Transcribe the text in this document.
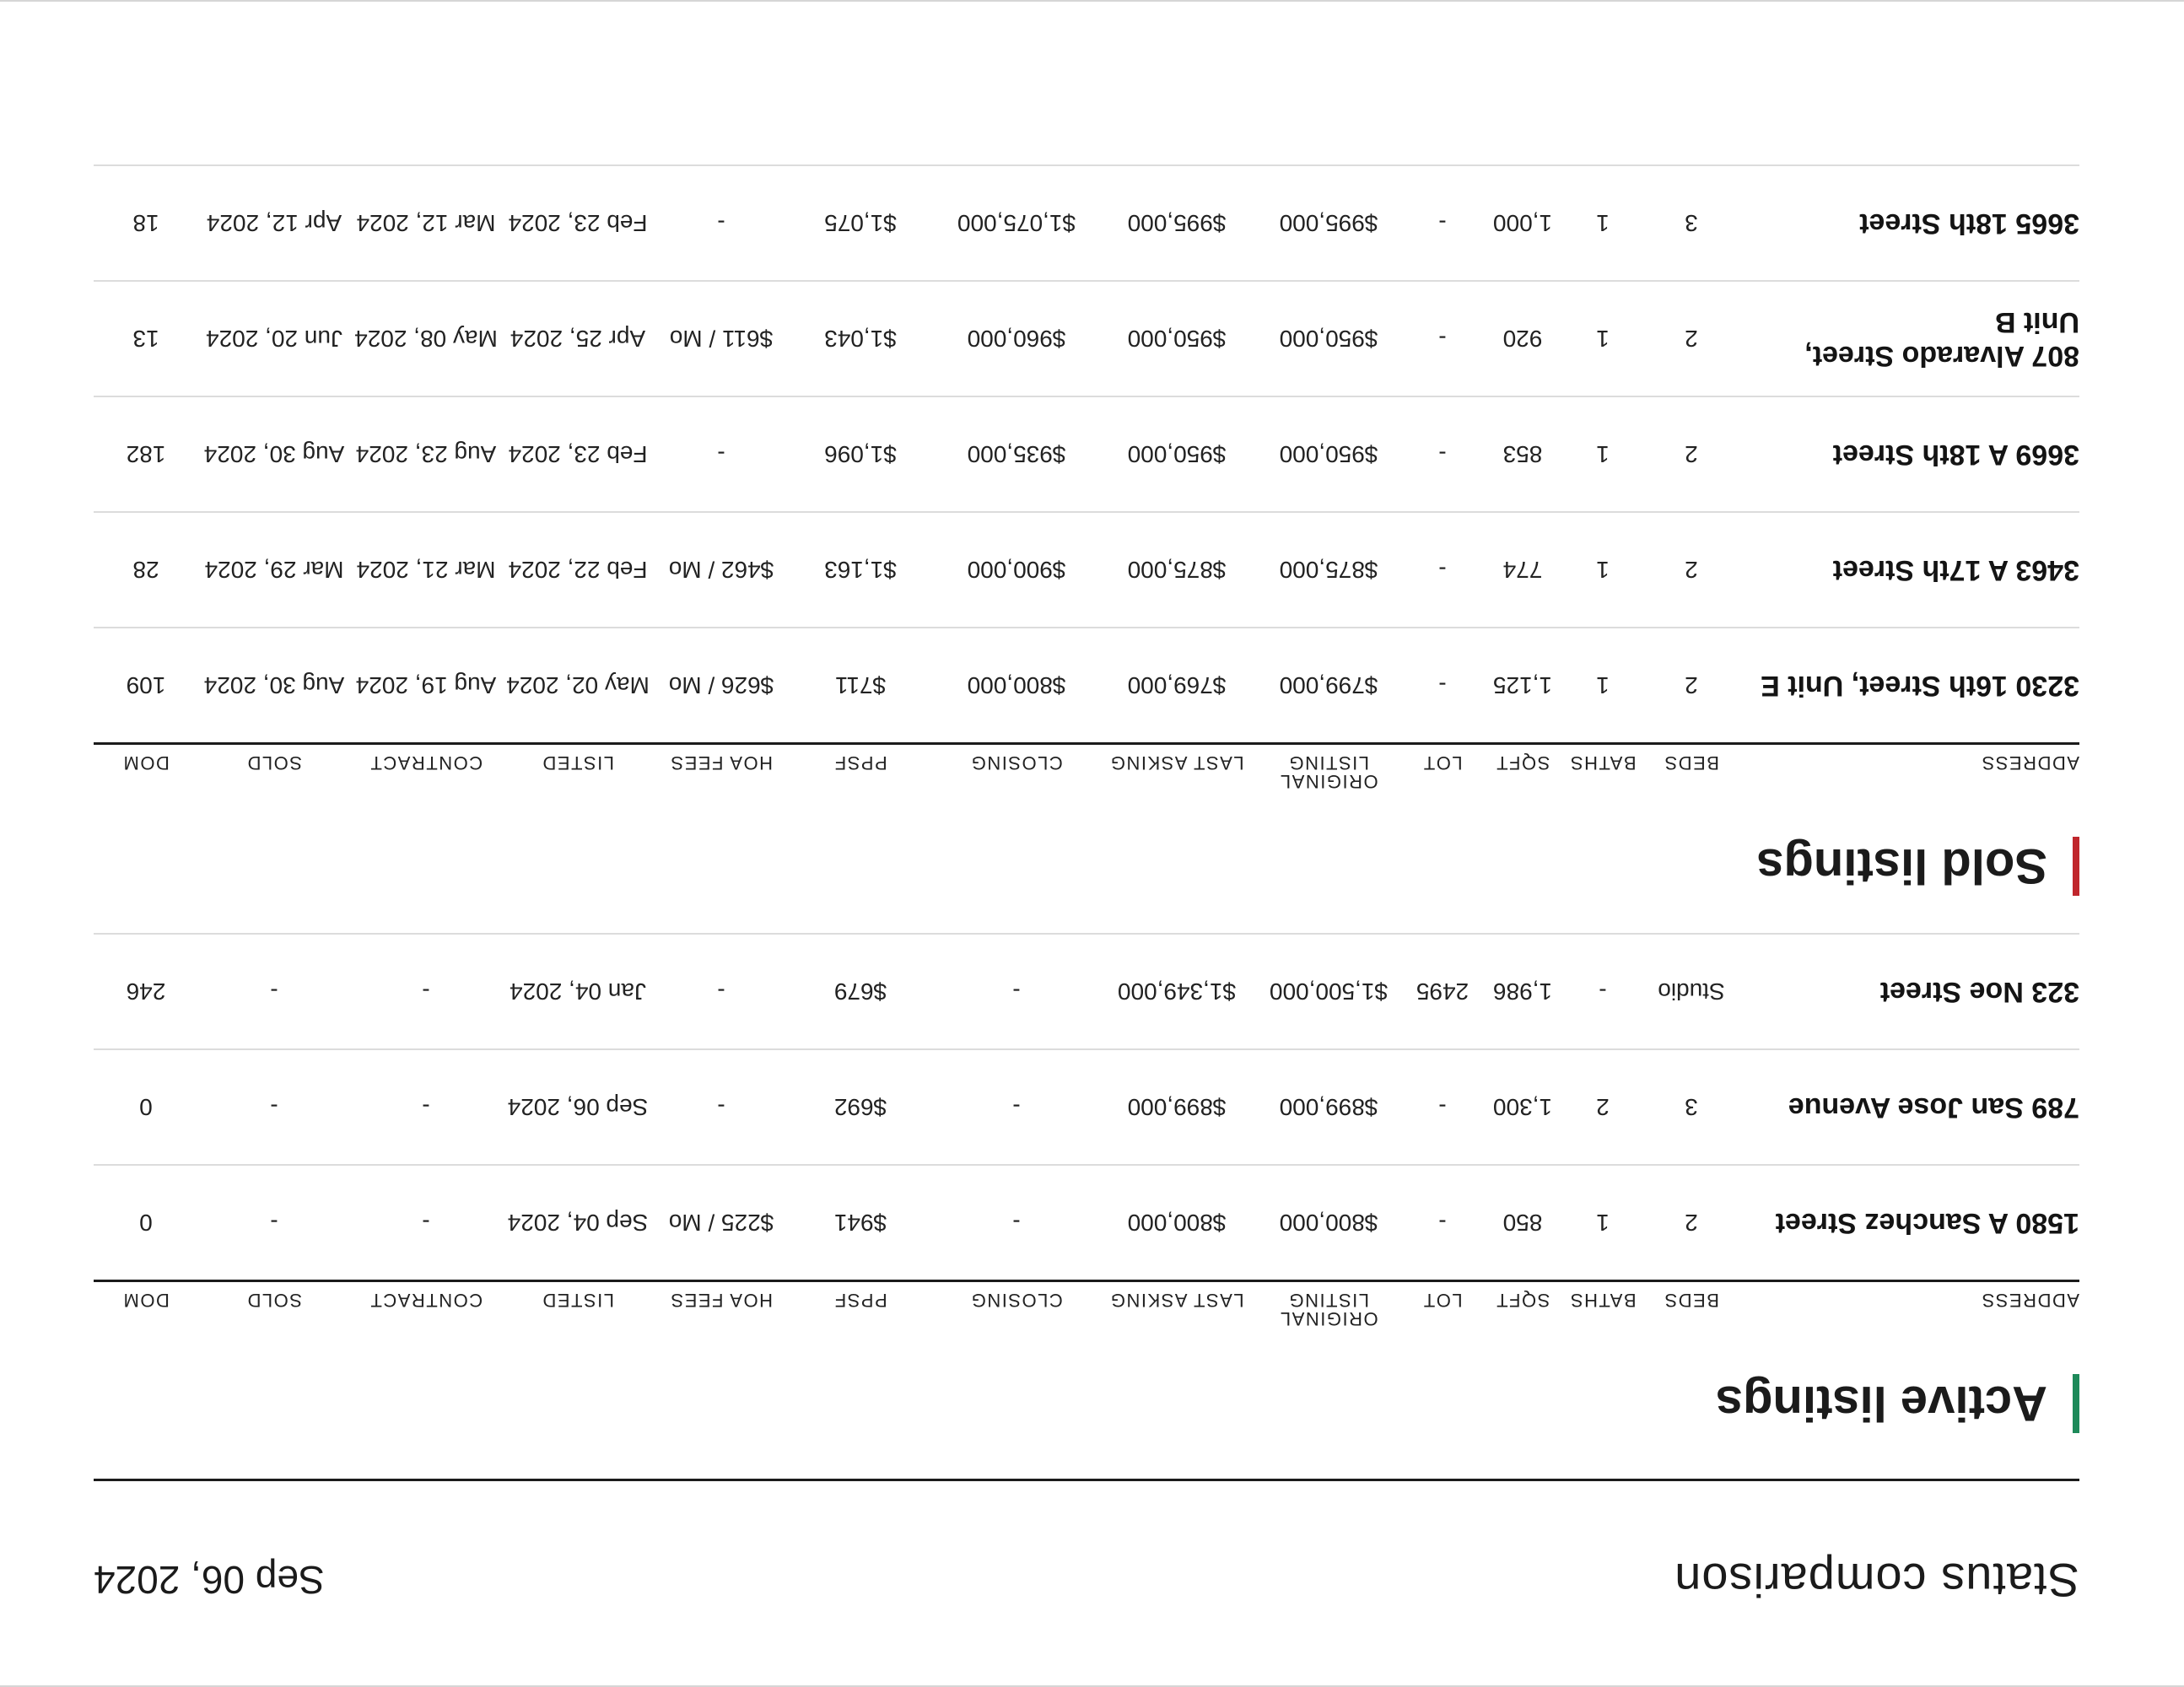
Status comparison
Sep 06, 2024
Active listings
ADDRESS
BEDS
BATHS
SQFT
LOT
ORIGINAL LISTING
LAST ASKING
CLOSING
PPSF
HOA FEES
LISTED
CONTRACT
SOLD
DOM
1580 A Sanchez Street
2
1
850
-
$800,000
$800,000
-
$941
$225 / Mo
Sep 04, 2024
-
-
0
789 San Jose Avenue
3
2
1,300
-
$899,000
$899,000
-
$692
-
Sep 06, 2024
-
-
0
323 Noe Street
Studio
-
1,986
2495
$1,500,000
$1,349,000
-
$679
-
Jan 04, 2024
-
-
246
Sold listings
ADDRESS
BEDS
BATHS
SQFT
LOT
ORIGINAL LISTING
LAST ASKING
CLOSING
PPSF
HOA FEES
LISTED
CONTRACT
SOLD
DOM
3230 16th Street, Unit E
2
1
1,125
-
$799,000
$769,000
$800,000
$711
$626 / Mo
May 02, 2024
Aug 19, 2024
Aug 30, 2024
109
3463 A 17th Street
2
1
774
-
$875,000
$875,000
$900,000
$1,163
$462 / Mo
Feb 22, 2024
Mar 21, 2024
Mar 29, 2024
28
3669 A 18th Street
2
1
853
-
$950,000
$950,000
$935,000
$1,096
-
Feb 23, 2024
Aug 23, 2024
Aug 30, 2024
182
807 Alvarado Street, Unit B
2
1
920
-
$950,000
$950,000
$960,000
$1,043
$611 / Mo
Apr 25, 2024
May 08, 2024
Jun 20, 2024
13
3665 18th Street
3
1
1,000
-
$995,000
$995,000
$1,075,000
$1,075
-
Feb 23, 2024
Mar 12, 2024
Apr 12, 2024
18
